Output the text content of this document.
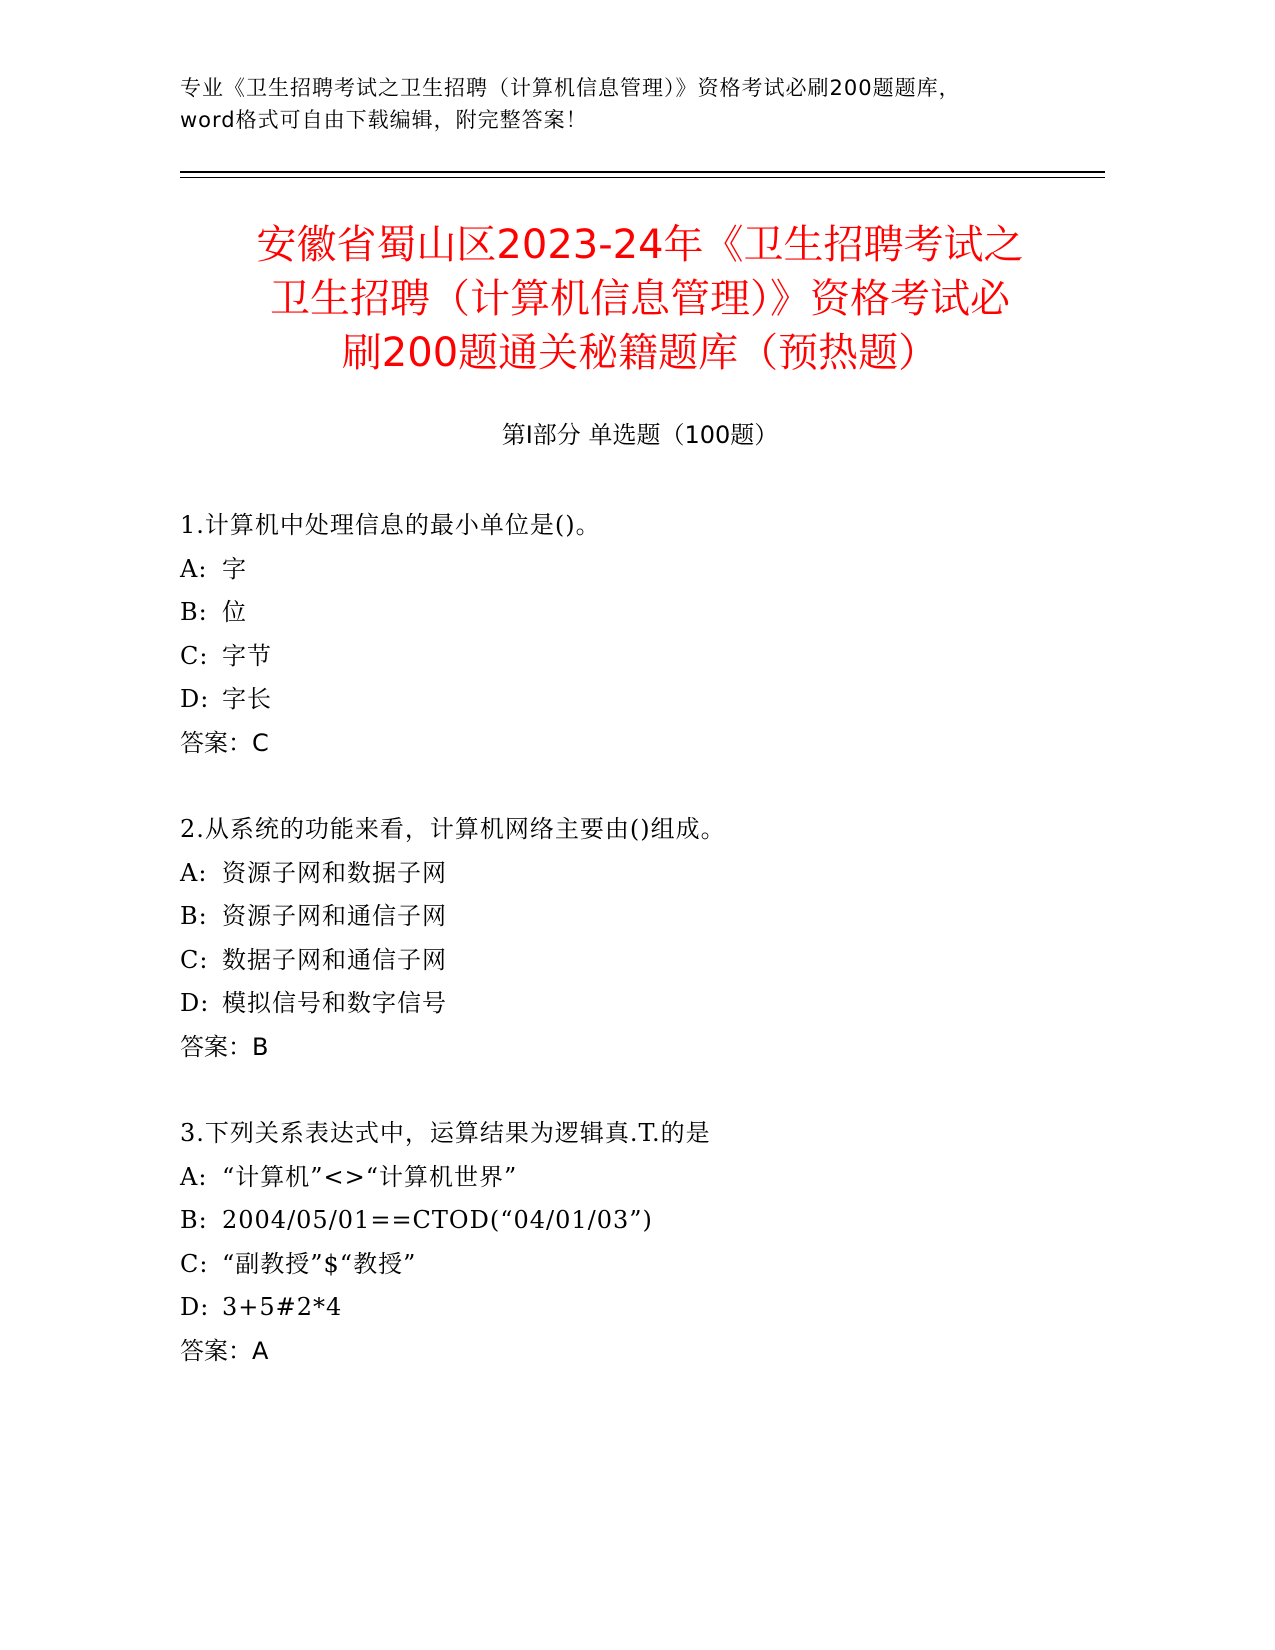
专业《卫生招聘考试之卫生招聘（计算机信息管理）》资格考试必刷200题题库，
word格式可自由下载编辑，附完整答案！
安徽省蜀山区2023-24年《卫生招聘考试之
卫生招聘（计算机信息管理）》资格考试必
刷200题通关秘籍题库（预热题）
第Ⅰ部分 单选题（100题）
1.计算机中处理信息的最小单位是()。
A: 字
B: 位
C: 字节
D: 字长
答案：C
2.从系统的功能来看，计算机网络主要由()组成。
A: 资源子网和数据子网
B: 资源子网和通信子网
C: 数据子网和通信子网
D: 模拟信号和数字信号
答案：B
3.下列关系表达式中，运算结果为逻辑真.T.的是
A: “计算机”<>“计算机世界”
B: 2004/05/01==CTOD(“04/01/03”)
C: “副教授”$“教授”
D: 3+5#2*4
答案：A
